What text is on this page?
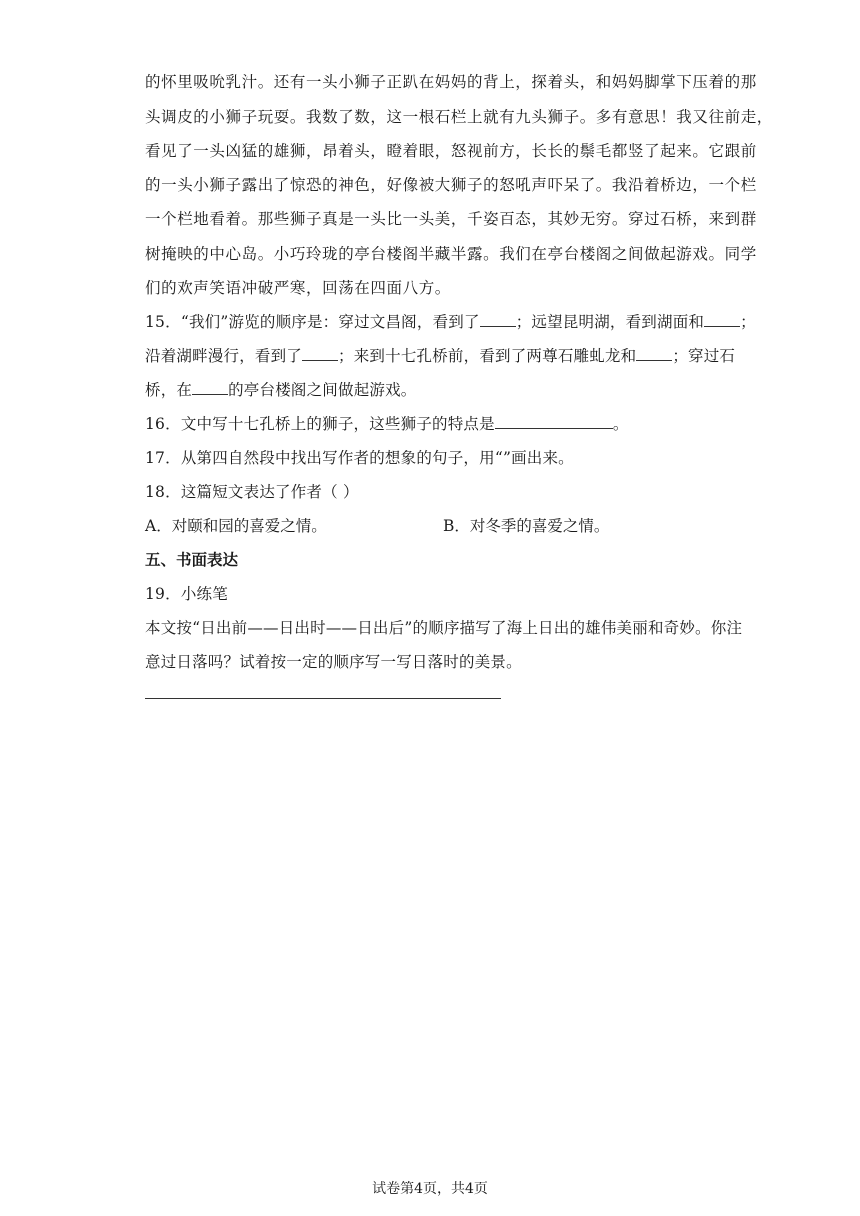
的怀里吸吮乳汁。还有一头小狮子正趴在妈妈的背上，探着头，和妈妈脚掌下压着的那
头调皮的小狮子玩耍。我数了数，这一根石栏上就有九头狮子。多有意思！我又往前走，
看见了一头凶猛的雄狮，昂着头，瞪着眼，怒视前方，长长的鬃毛都竖了起来。它跟前
的一头小狮子露出了惊恐的神色，好像被大狮子的怒吼声吓呆了。我沿着桥边，一个栏
一个栏地看着。那些狮子真是一头比一头美，千姿百态，其妙无穷。穿过石桥，来到群
树掩映的中心岛。小巧玲珑的亭台楼阁半藏半露。我们在亭台楼阁之间做起游戏。同学
们的欢声笑语冲破严寒，回荡在四面八方。
15．“我们”游览的顺序是：穿过文昌阁，看到了 ；远望昆明湖，看到湖面和 ；
沿着湖畔漫行，看到了 ；来到十七孔桥前，看到了两尊石雕虬龙和 ；穿过石
桥，在 的亭台楼阁之间做起游戏。
16．文中写十七孔桥上的狮子，这些狮子的特点是	。
17．从第四自然段中找出写作者的想象的句子，用“”画出来。
18．这篇短文表达了作者（ ）
A．对颐和园的喜爱之情。	B．对冬季的喜爱之情。
五、书面表达
19．小练笔
本文按“日出前——日出时——日出后”的顺序描写了海上日出的雄伟美丽和奇妙。你注
意过日落吗？试着按一定的顺序写一写日落时的美景。
试卷第4页，共4页
